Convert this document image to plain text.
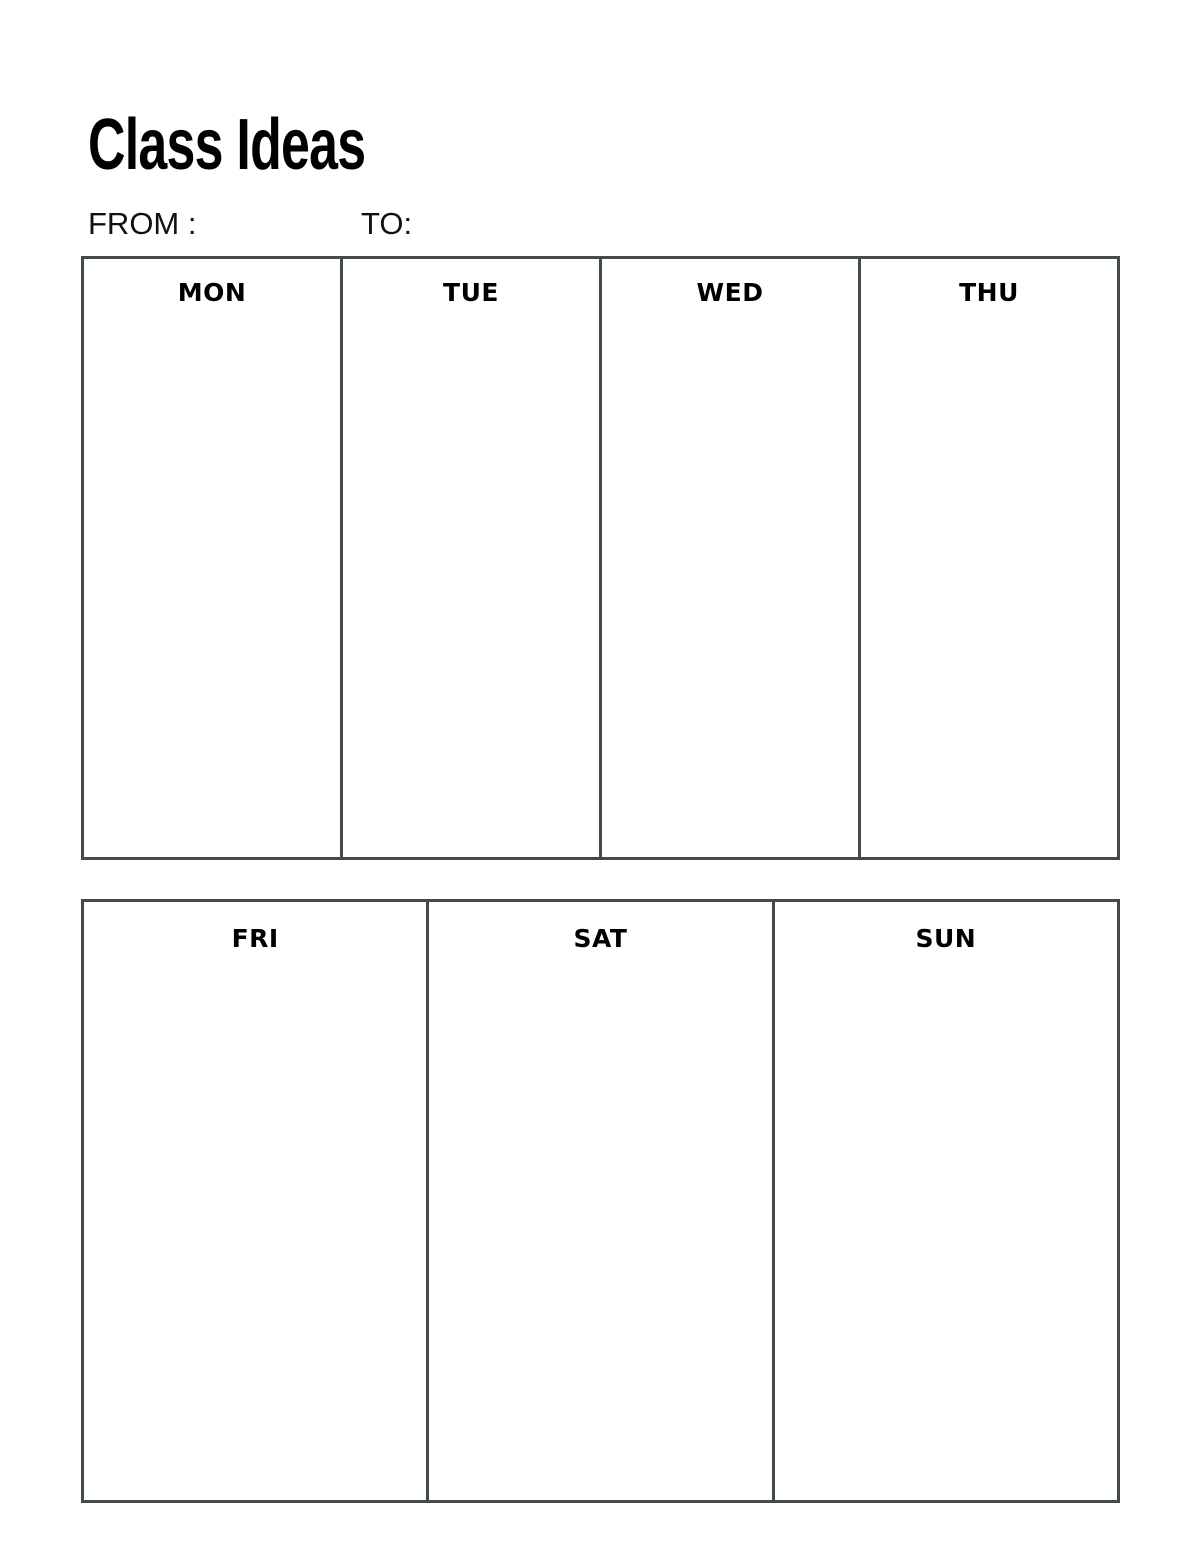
Class Ideas
FROM :	TO:
MON	TUE	WED	THU
FRI	SAT	SUN
